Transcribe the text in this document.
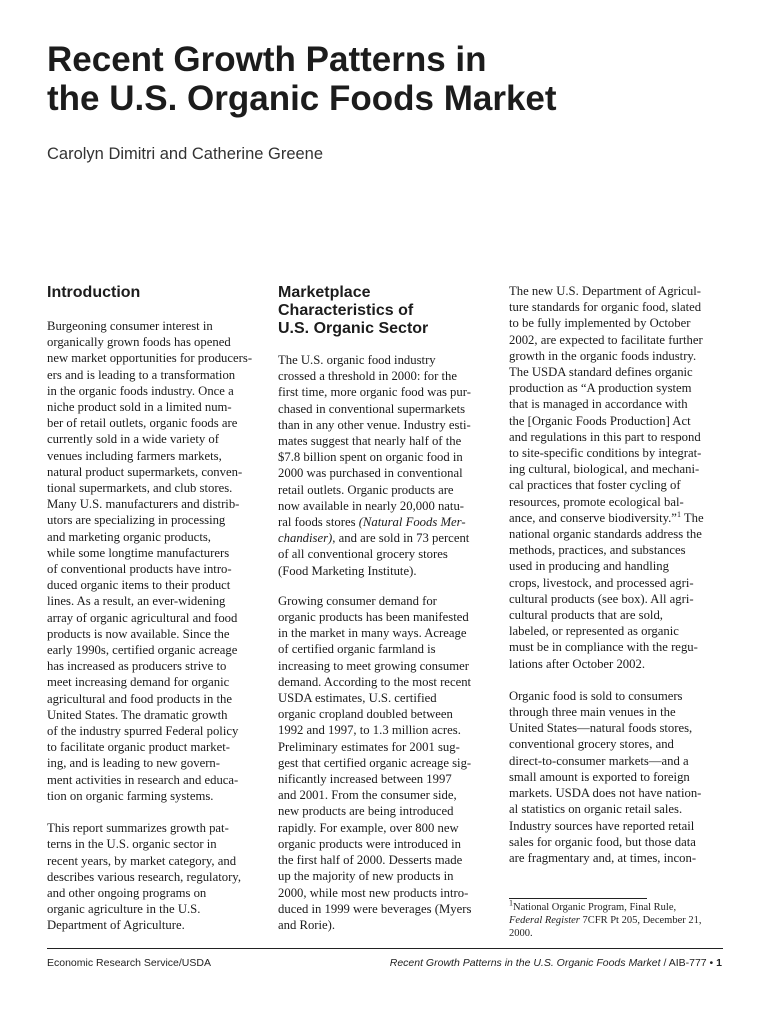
Recent Growth Patterns in
the U.S. Organic Foods Market

Carolyn Dimitri and Catherine Greene

Introduction

Burgeoning consumer interest in
organically grown foods has opened
new market opportunities for producers-
ers and is leading to a transformation
in the organic foods industry. Once a
niche product sold in a limited num-
ber of retail outlets, organic foods are
currently sold in a wide variety of
venues including farmers markets,
natural product supermarkets, conven-
tional supermarkets, and club stores.
Many U.S. manufacturers and distrib-
utors are specializing in processing
and marketing organic products,
while some longtime manufacturers
of conventional products have intro-
duced organic items to their product
lines. As a result, an ever-widening
array of organic agricultural and food
products is now available. Since the
early 1990s, certified organic acreage
has increased as producers strive to
meet increasing demand for organic
agricultural and food products in the
United States. The dramatic growth
of the industry spurred Federal policy
to facilitate organic product market-
ing, and is leading to new govern-
ment activities in research and educa-
tion on organic farming systems.

This report summarizes growth pat-
terns in the U.S. organic sector in
recent years, by market category, and
describes various research, regulatory,
and other ongoing programs on
organic agriculture in the U.S.
Department of Agriculture.

Marketplace
Characteristics of
U.S. Organic Sector

The U.S. organic food industry
crossed a threshold in 2000: for the
first time, more organic food was pur-
chased in conventional supermarkets
than in any other venue. Industry esti-
mates suggest that nearly half of the
$7.8 billion spent on organic food in
2000 was purchased in conventional
retail outlets. Organic products are
now available in nearly 20,000 natu-
ral foods stores (Natural Foods Mer-
chandiser), and are sold in 73 percent
of all conventional grocery stores
(Food Marketing Institute).

Growing consumer demand for
organic products has been manifested
in the market in many ways. Acreage
of certified organic farmland is
increasing to meet growing consumer
demand. According to the most recent
USDA estimates, U.S. certified
organic cropland doubled between
1992 and 1997, to 1.3 million acres.
Preliminary estimates for 2001 sug-
gest that certified organic acreage sig-
nificantly increased between 1997
and 2001. From the consumer side,
new products are being introduced
rapidly. For example, over 800 new
organic products were introduced in
the first half of 2000. Desserts made
up the majority of new products in
2000, while most new products intro-
duced in 1999 were beverages (Myers
and Rorie).

The new U.S. Department of Agricul-
ture standards for organic food, slated
to be fully implemented by October
2002, are expected to facilitate further
growth in the organic foods industry.
The USDA standard defines organic
production as “A production system
that is managed in accordance with
the [Organic Foods Production] Act
and regulations in this part to respond
to site-specific conditions by integrat-
ing cultural, biological, and mechani-
cal practices that foster cycling of
resources, promote ecological bal-
ance, and conserve biodiversity.”$^1$ The
national organic standards address the
methods, practices, and substances
used in producing and handling
crops, livestock, and processed agri-
cultural products (see box). All agri-
cultural products that are sold,
labeled, or represented as organic
must be in compliance with the regu-
lations after October 2002.

Organic food is sold to consumers
through three main venues in the
United States—natural foods stores,
conventional grocery stores, and
direct-to-consumer markets—and a
small amount is exported to foreign
markets. USDA does not have nation-
al statistics on organic retail sales.
Industry sources have reported retail
sales for organic food, but those data
are fragmentary and, at times, incon-

$^1$National Organic Program, Final Rule,
Federal Register 7CFR Pt 205, December 21,
2000.
Economic Research Service/USDA	Recent Growth Patterns in the U.S. Organic Foods Market / AIB-777 • 1
